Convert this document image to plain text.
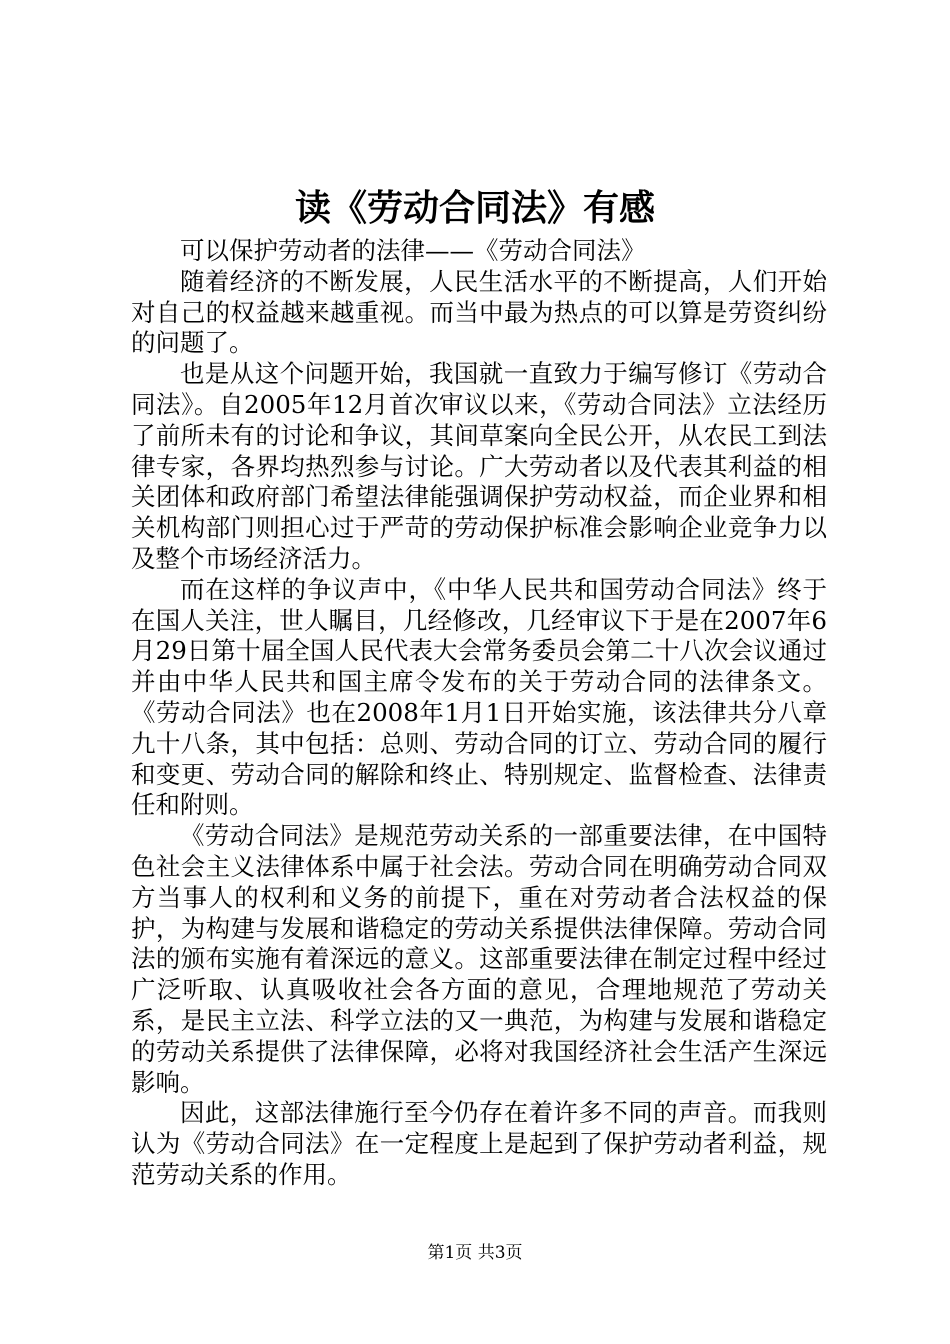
读《劳动合同法》有感

可以保护劳动者的法律——《劳动合同法》

随着经济的不断发展，人民生活水平的不断提高，人们开始对自己的权益越来越重视。而当中最为热点的可以算是劳资纠纷的问题了。

也是从这个问题开始，我国就一直致力于编写修订《劳动合同法》。自2005年12月首次审议以来，《劳动合同法》立法经历了前所未有的讨论和争议，其间草案向全民公开，从农民工到法律专家，各界均热烈参与讨论。广大劳动者以及代表其利益的相关团体和政府部门希望法律能强调保护劳动权益，而企业界和相关机构部门则担心过于严苛的劳动保护标准会影响企业竞争力以及整个市场经济活力。

而在这样的争议声中，《中华人民共和国劳动合同法》终于在国人关注，世人瞩目，几经修改，几经审议下于是在2007年6月29日第十届全国人民代表大会常务委员会第二十八次会议通过并由中华人民共和国主席令发布的关于劳动合同的法律条文。《劳动合同法》也在2008年1月1日开始实施，该法律共分八章九十八条，其中包括：总则、劳动合同的订立、劳动合同的履行和变更、劳动合同的解除和终止、特别规定、监督检查、法律责任和附则。

《劳动合同法》是规范劳动关系的一部重要法律，在中国特色社会主义法律体系中属于社会法。劳动合同在明确劳动合同双方当事人的权利和义务的前提下，重在对劳动者合法权益的保护，为构建与发展和谐稳定的劳动关系提供法律保障。劳动合同法的颁布实施有着深远的意义。这部重要法律在制定过程中经过广泛听取、认真吸收社会各方面的意见，合理地规范了劳动关系，是民主立法、科学立法的又一典范，为构建与发展和谐稳定的劳动关系提供了法律保障，必将对我国经济社会生活产生深远影响。

因此，这部法律施行至今仍存在着许多不同的声音。而我则认为《劳动合同法》在一定程度上是起到了保护劳动者利益，规范劳动关系的作用。

第1页 共3页
